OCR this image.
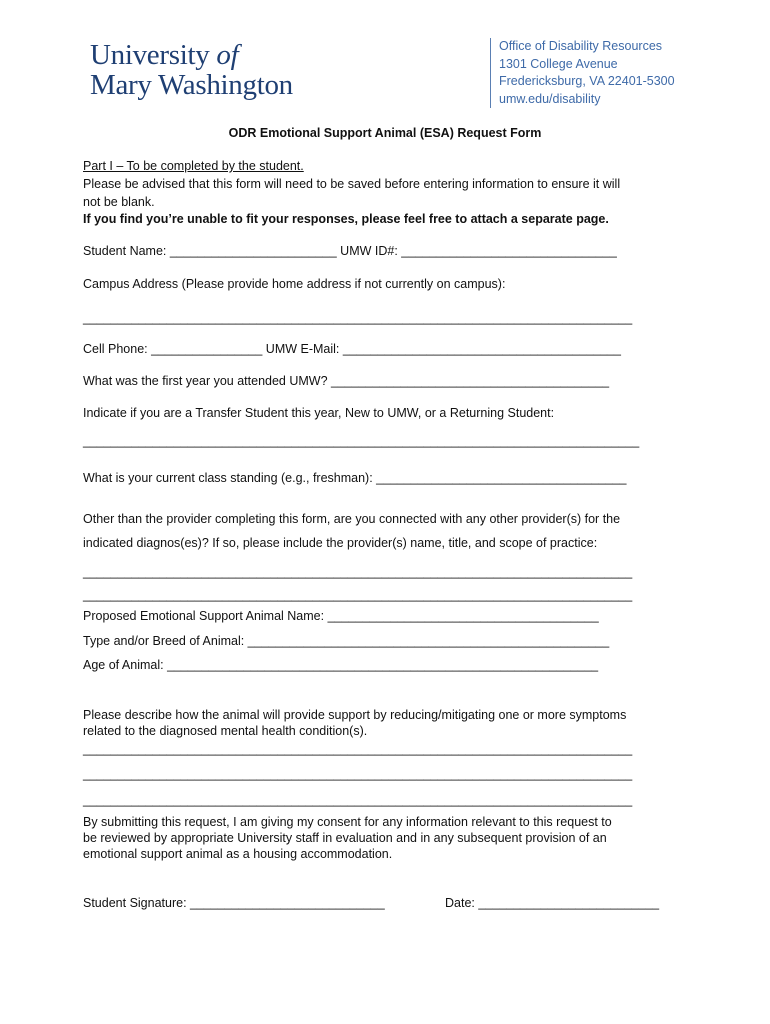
University of
Mary Washington
Office of Disability Resources
1301 College Avenue
Fredericksburg, VA 22401-5300
umw.edu/disability
ODR Emotional Support Animal (ESA) Request Form
Part I – To be completed by the student.
Please be advised that this form will need to be saved before entering information to ensure it will
not be blank.
If you find you’re unable to fit your responses, please feel free to attach a separate page.
Student Name: ________________________ UMW ID#: _______________________________
Campus Address (Please provide home address if not currently on campus):
_______________________________________________________________________________
Cell Phone: ________________ UMW E-Mail: ________________________________________
What was the first year you attended UMW? ________________________________________
Indicate if you are a Transfer Student this year, New to UMW, or a Returning Student:
________________________________________________________________________________
What is your current class standing (e.g., freshman): ____________________________________
Other than the provider completing this form, are you connected with any other provider(s) for the
indicated diagnos(es)? If so, please include the provider(s) name, title, and scope of practice:
_______________________________________________________________________________
_______________________________________________________________________________
Proposed Emotional Support Animal Name: _______________________________________
Type and/or Breed of Animal: ____________________________________________________
Age of Animal: ______________________________________________________________
Please describe how the animal will provide support by reducing/mitigating one or more symptoms
related to the diagnosed mental health condition(s).
_______________________________________________________________________________
_______________________________________________________________________________
_______________________________________________________________________________
By submitting this request, I am giving my consent for any information relevant to this request to
be reviewed by appropriate University staff in evaluation and in any subsequent provision of an
emotional support animal as a housing accommodation.
Student Signature: ____________________________	Date: __________________________
